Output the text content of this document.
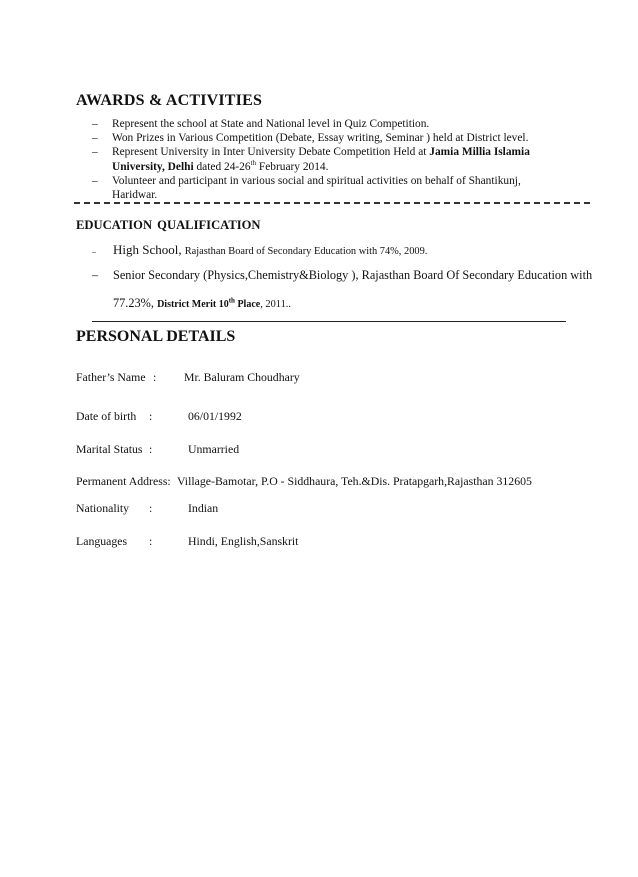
AWARDS & ACTIVITIES
– Represent the school at State and National level in Quiz Competition.
– Won Prizes in Various Competition (Debate, Essay writing, Seminar ) held at District level.
– Represent University in Inter University Debate Competition Held at Jamia Millia Islamia University, Delhi dated 24-26th February 2014.
– Volunteer and participant in various social and spiritual activities on behalf of Shantikunj, Haridwar.
EDUCATION QUALIFICATION
– High School, Rajasthan Board of Secondary Education with 74%, 2009.
– Senior Secondary (Physics,Chemistry&Biology ), Rajasthan Board Of Secondary Education with
77.23%, District Merit 10th Place, 2011..
PERSONAL DETAILS
Father’s Name : Mr. Baluram Choudhary
Date of birth :	06/01/1992
Marital Status :	Unmarried
Permanent Address: Village-Bamotar, P.O - Siddhaura, Teh.&Dis. Pratapgarh,Rajasthan 312605
Nationality :	Indian
Languages :	Hindi, English,Sanskrit
